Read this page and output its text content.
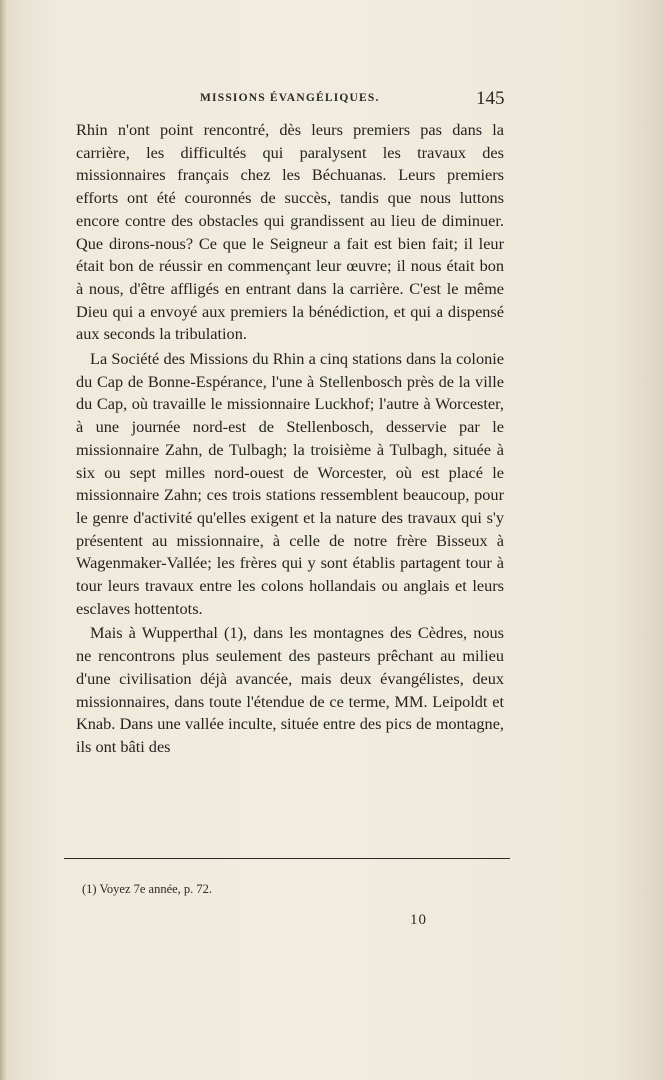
MISSIONS ÉVANGÉLIQUES.	145

Rhin n'ont point rencontré, dès leurs premiers pas dans la carrière, les difficultés qui paralysent les travaux des missionnaires français chez les Béchuanas. Leurs premiers efforts ont été couronnés de succès, tandis que nous luttons encore contre des obstacles qui grandissent au lieu de diminuer. Que dirons-nous? Ce que le Seigneur a fait est bien fait; il leur était bon de réussir en commençant leur œuvre; il nous était bon à nous, d'être affligés en entrant dans la carrière. C'est le même Dieu qui a envoyé aux premiers la bénédiction, et qui a dispensé aux seconds la tribulation.

La Société des Missions du Rhin a cinq stations dans la colonie du Cap de Bonne-Espérance, l'une à Stellenbosch près de la ville du Cap, où travaille le missionnaire Luckhof; l'autre à Worcester, à une journée nord-est de Stellenbosch, desservie par le missionnaire Zahn, de Tulbagh; la troisième à Tulbagh, située à six ou sept milles nord-ouest de Worcester, où est placé le missionnaire Zahn; ces trois stations ressemblent beaucoup, pour le genre d'activité qu'elles exigent et la nature des travaux qui s'y présentent au missionnaire, à celle de notre frère Bisseux à Wagenmaker-Vallée; les frères qui y sont établis partagent tour à tour leurs travaux entre les colons hollandais ou anglais et leurs esclaves hottentots.

Mais à Wupperthal (1), dans les montagnes des Cèdres, nous ne rencontrons plus seulement des pasteurs prêchant au milieu d'une civilisation déjà avancée, mais deux évangélistes, deux missionnaires, dans toute l'étendue de ce terme, MM. Leipoldt et Knab. Dans une vallée inculte, située entre des pics de montagne, ils ont bâti des

(1) Voyez 7e année, p. 72.
10
